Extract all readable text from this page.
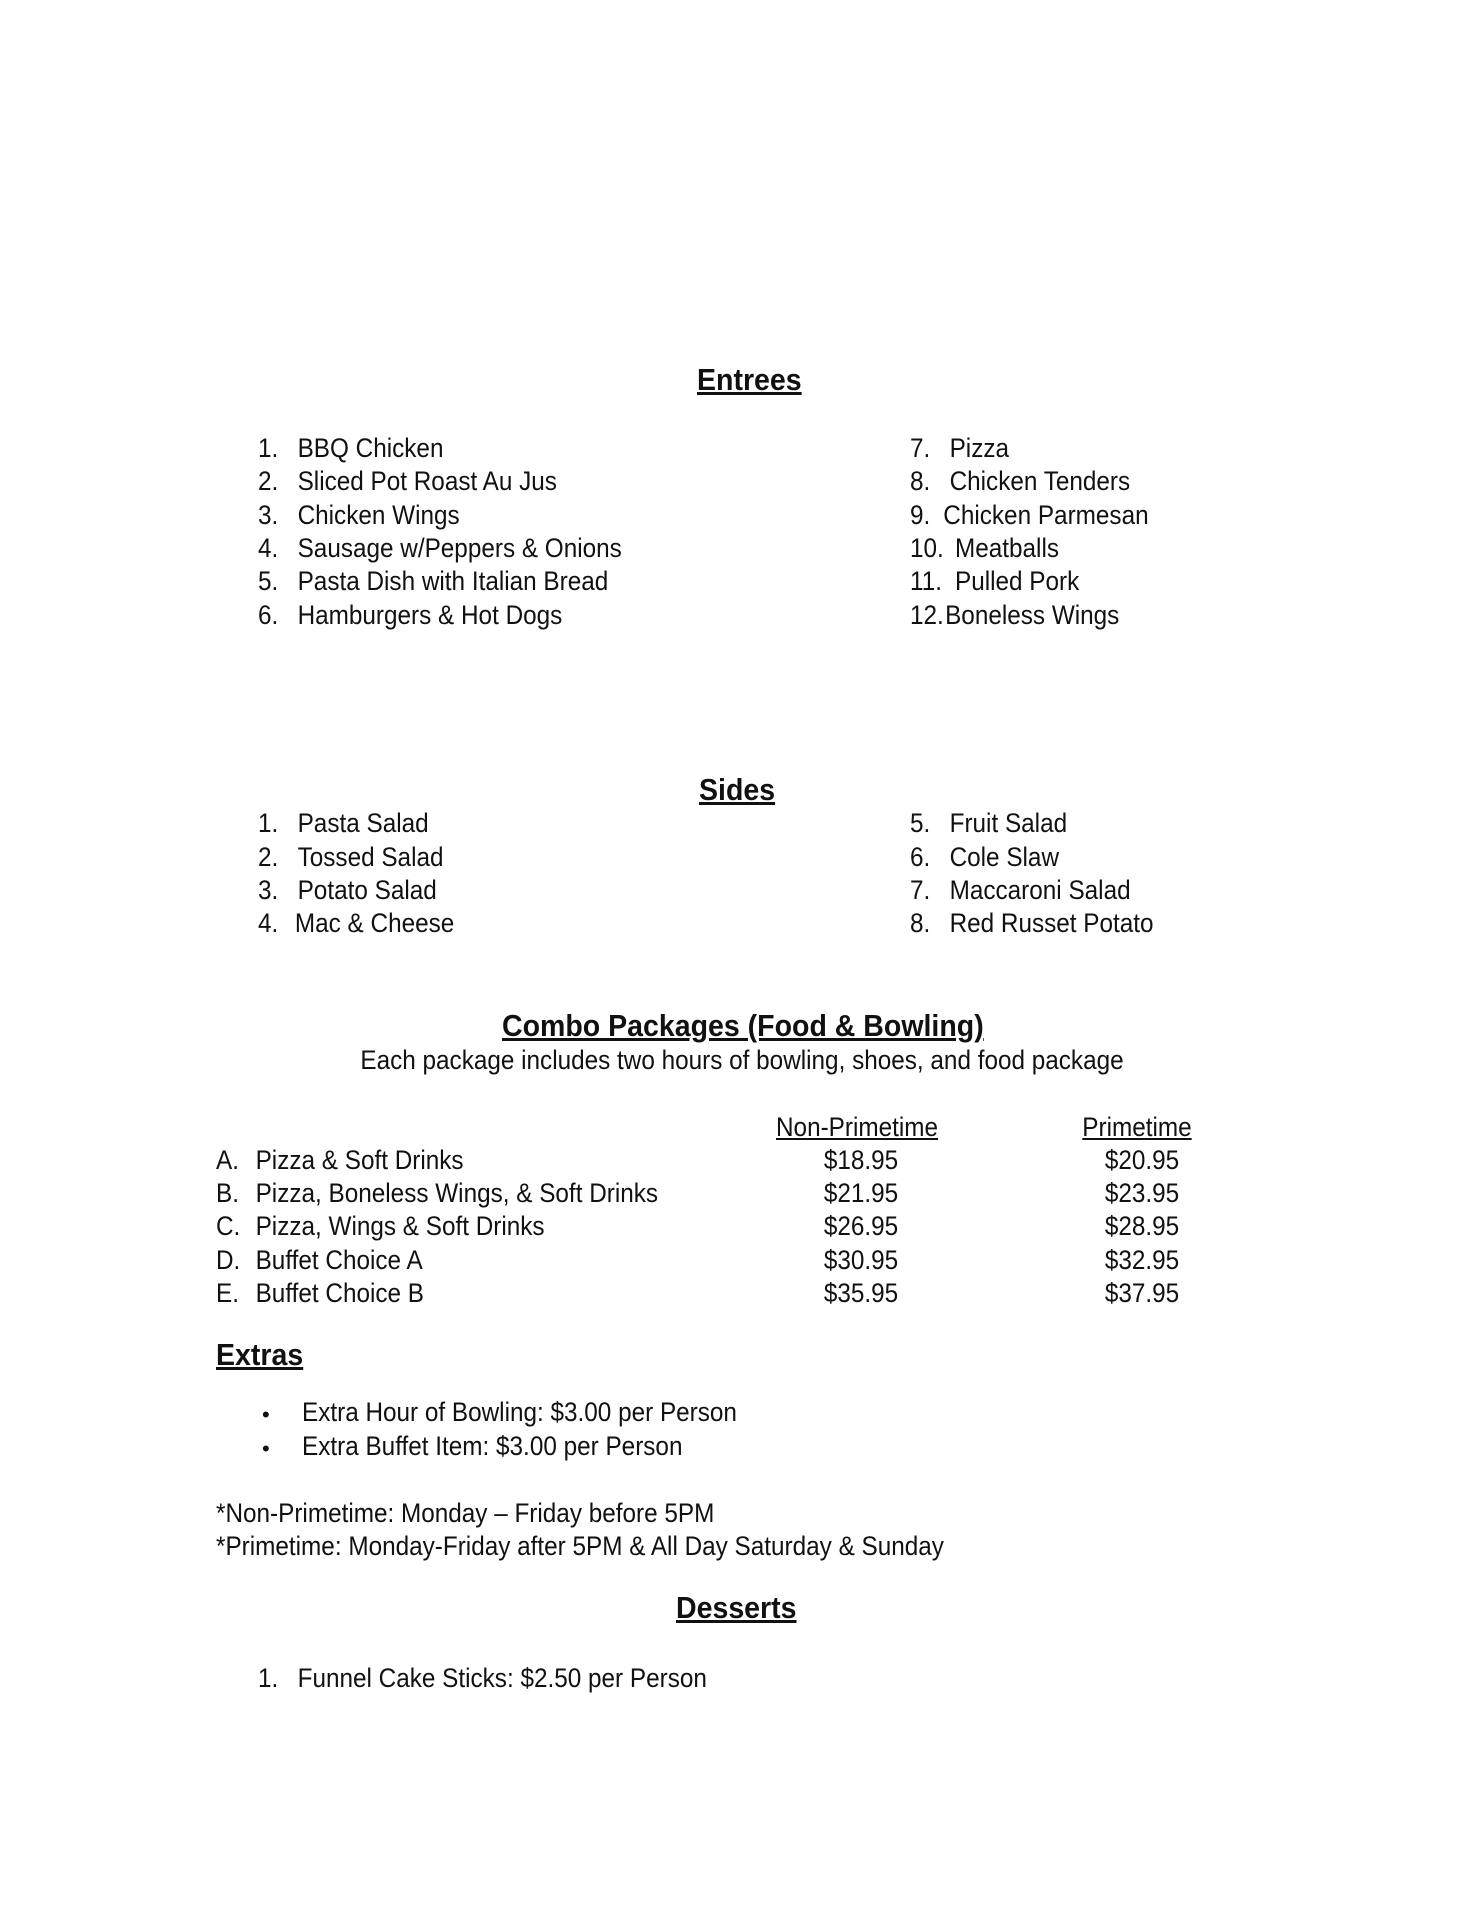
Entrees
1. BBQ Chicken
2. Sliced Pot Roast Au Jus
3. Chicken Wings
4. Sausage w/Peppers & Onions
5. Pasta Dish with Italian Bread
6. Hamburgers & Hot Dogs
7. Pizza
8. Chicken Tenders
9. Chicken Parmesan
10. Meatballs
11. Pulled Pork
12.Boneless Wings
Sides
1. Pasta Salad
2. Tossed Salad
3. Potato Salad
4. Mac & Cheese
5. Fruit Salad
6. Cole Slaw
7. Maccaroni Salad
8. Red Russet Potato
Combo Packages (Food & Bowling)
Each package includes two hours of bowling, shoes, and food package
Non-Primetime	Primetime
A. Pizza & Soft Drinks
B. Pizza, Boneless Wings, & Soft Drinks
C. Pizza, Wings & Soft Drinks
D. Buffet Choice A
E. Buffet Choice B
$18.95
$21.95
$26.95
$30.95
$35.95
$20.95
$23.95
$28.95
$32.95
$37.95
Extras
• Extra Hour of Bowling: $3.00 per Person
• Extra Buffet Item: $3.00 per Person
*Non-Primetime: Monday – Friday before 5PM
*Primetime: Monday-Friday after 5PM & All Day Saturday & Sunday
Desserts
1. Funnel Cake Sticks: $2.50 per Person
